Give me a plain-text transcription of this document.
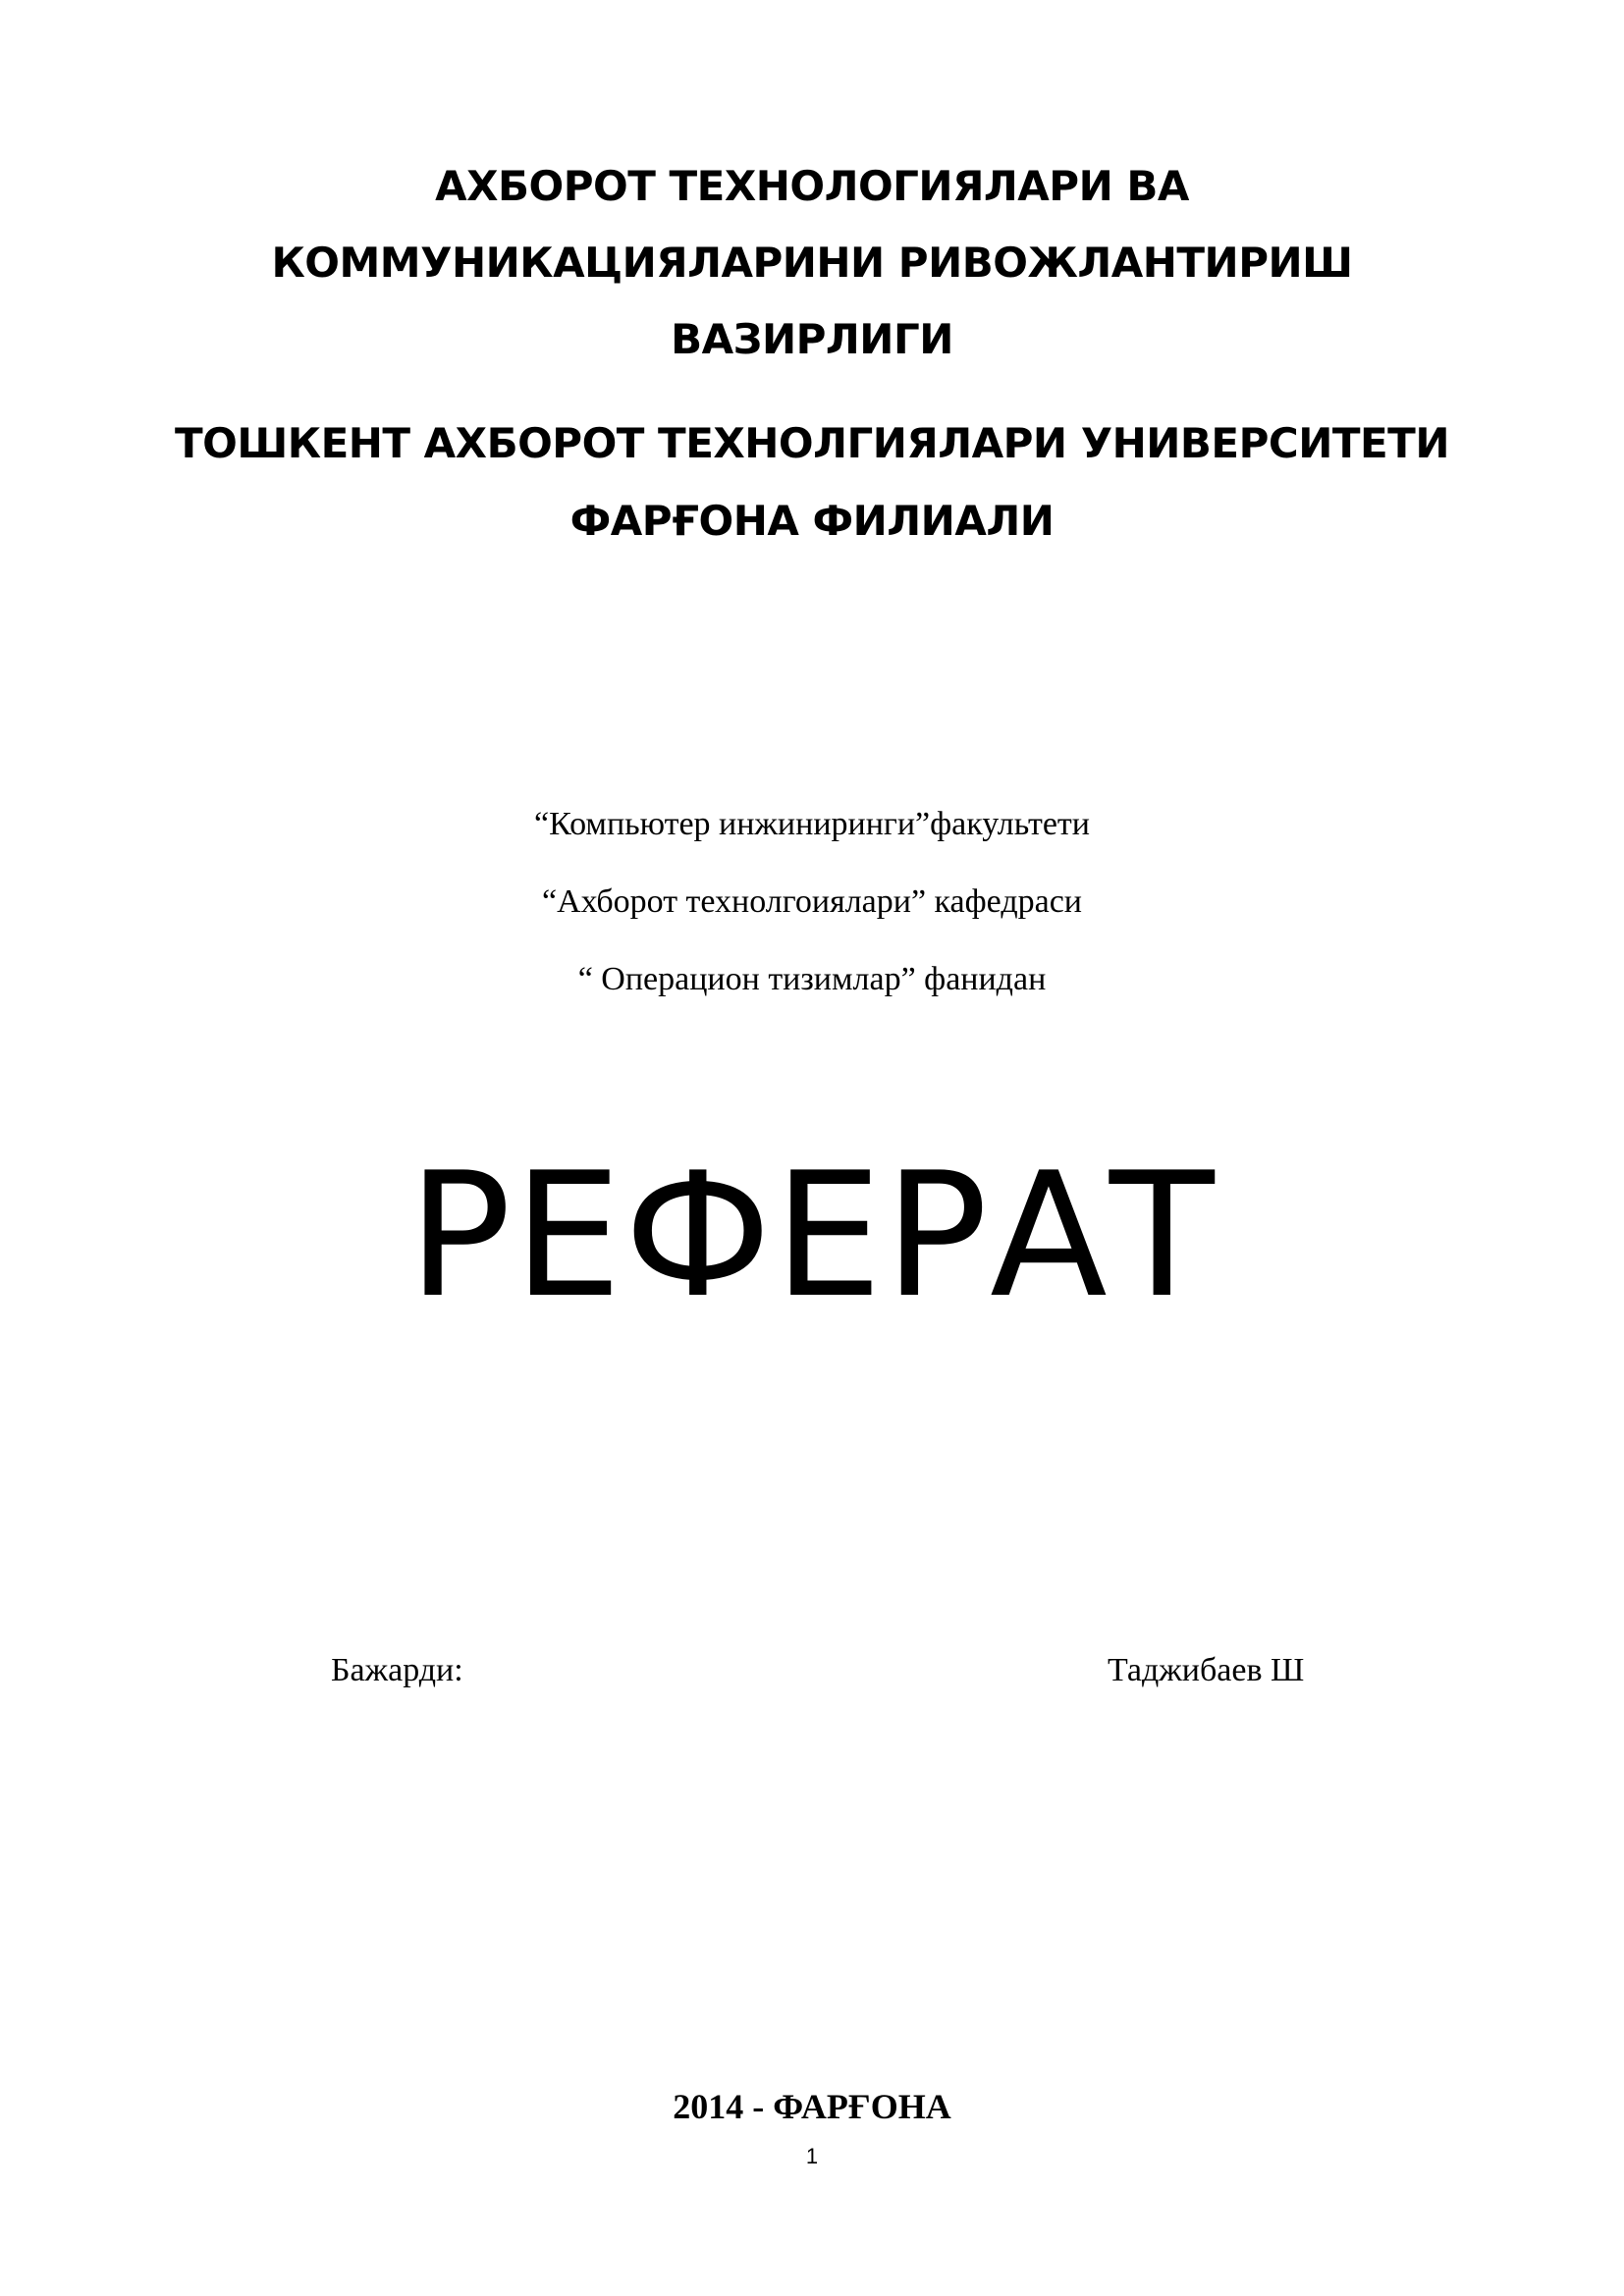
АХБОРОТ ТЕХНОЛОГИЯЛАРИ ВА
КОММУНИКАЦИЯЛАРИНИ РИВОЖЛАНТИРИШ
ВАЗИРЛИГИ
ТОШКЕНТ АХБОРОТ ТЕХНОЛГИЯЛАРИ УНИВЕРСИТЕТИ
ФАРҒОНА ФИЛИАЛИ
“Компьютер инжиниринги”факультети
“Ахборот технолгоиялари” кафедраси
“ Операцион тизимлар” фанидан
РЕФЕРАТ
Бажарди:	Таджибаев Ш
2014 - ФАРҒОНА
1
